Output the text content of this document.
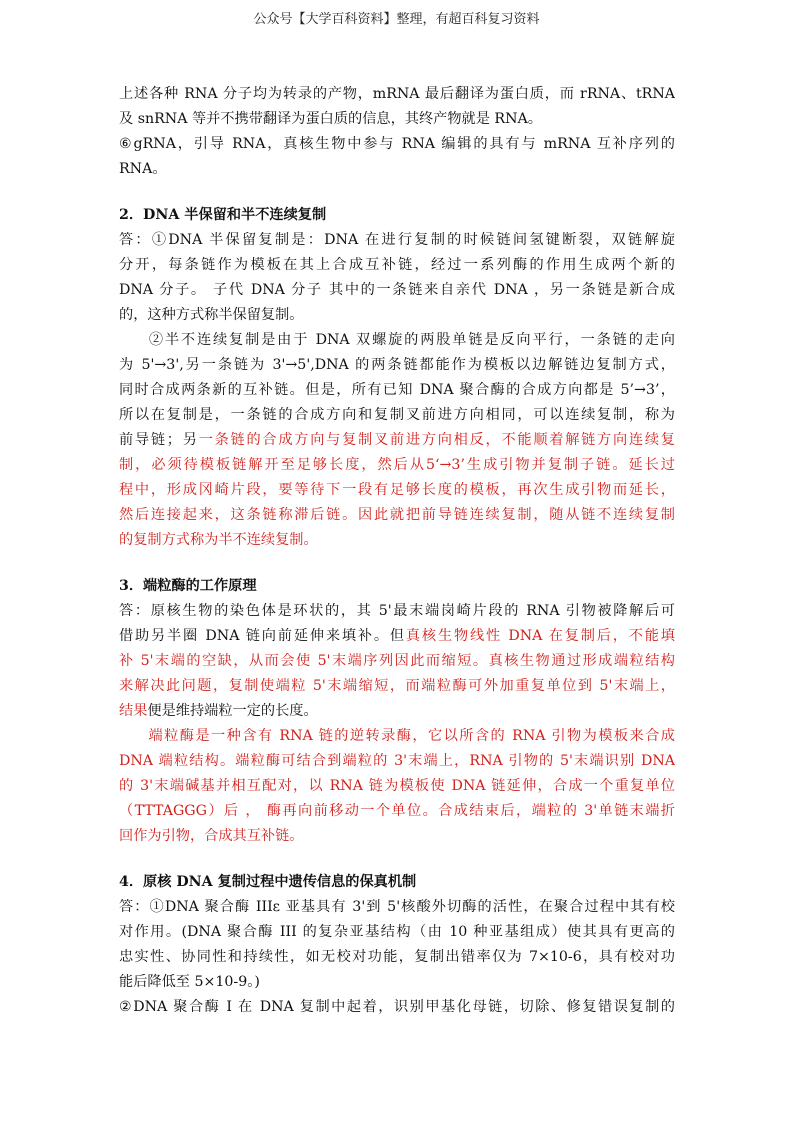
公众号【大学百科资料】整理，有超百科复习资料
上述各种 RNA 分子均为转录的产物，mRNA 最后翻译为蛋白质，而 rRNA、tRNA
及 snRNA 等并不携带翻译为蛋白质的信息，其终产物就是 RNA。
⑥gRNA，引导 RNA，真核生物中参与 RNA 编辑的具有与 mRNA 互补序列的
RNA。
2．DNA 半保留和半不连续复制
答：①DNA 半保留复制是：DNA 在进行复制的时候链间氢键断裂，双链解旋
分开，每条链作为模板在其上合成互补链，经过一系列酶的作用生成两个新的
DNA 分子。 子代 DNA 分子 其中的一条链来自亲代 DNA ，另一条链是新合成
的，这种方式称半保留复制。
②半不连续复制是由于 DNA 双螺旋的两股单链是反向平行，一条链的走向
为 5'→3',另一条链为 3'→5',DNA 的两条链都能作为模板以边解链边复制方式，
同时合成两条新的互补链。但是，所有已知 DNA 聚合酶的合成方向都是 5’→3’，
所以在复制是，一条链的合成方向和复制叉前进方向相同，可以连续复制，称为
前导链；另一条链的合成方向与复制叉前进方向相反，不能顺着解链方向连续复
制，必须待模板链解开至足够长度，然后从5‘→3’生成引物并复制子链。延长过
程中，形成冈崎片段，要等待下一段有足够长度的模板，再次生成引物而延长，
然后连接起来，这条链称滞后链。因此就把前导链连续复制，随从链不连续复制
的复制方式称为半不连续复制。
3．端粒酶的工作原理
答：原核生物的染色体是环状的，其 5'最末端岗崎片段的 RNA 引物被降解后可
借助另半圈 DNA 链向前延伸来填补。但真核生物线性 DNA 在复制后，不能填
补 5'末端的空缺，从而会使 5'末端序列因此而缩短。真核生物通过形成端粒结构
来解决此问题，复制使端粒 5'末端缩短，而端粒酶可外加重复单位到 5'末端上，
结果便是维持端粒一定的长度。
端粒酶是一种含有 RNA 链的逆转录酶，它以所含的 RNA 引物为模板来合成
DNA 端粒结构。端粒酶可结合到端粒的 3'末端上，RNA 引物的 5'末端识别 DNA
的 3'末端碱基并相互配对，以 RNA 链为模板使 DNA 链延伸，合成一个重复单位
（TTTAGGG）后 ， 酶再向前移动一个单位。合成结束后，端粒的 3'单链末端折
回作为引物，合成其互补链。
4．原核 DNA 复制过程中遗传信息的保真机制
答：①DNA 聚合酶 IIIε 亚基具有 3'到 5'核酸外切酶的活性，在聚合过程中其有校
对作用。(DNA 聚合酶 III 的复杂亚基结构（由 10 种亚基组成）使其具有更高的
忠实性、协同性和持续性，如无校对功能，复制出错率仅为 7×10-6，具有校对功
能后降低至 5×10-9。)
②DNA 聚合酶 I 在 DNA 复制中起着，识别甲基化母链，切除、修复错误复制的
